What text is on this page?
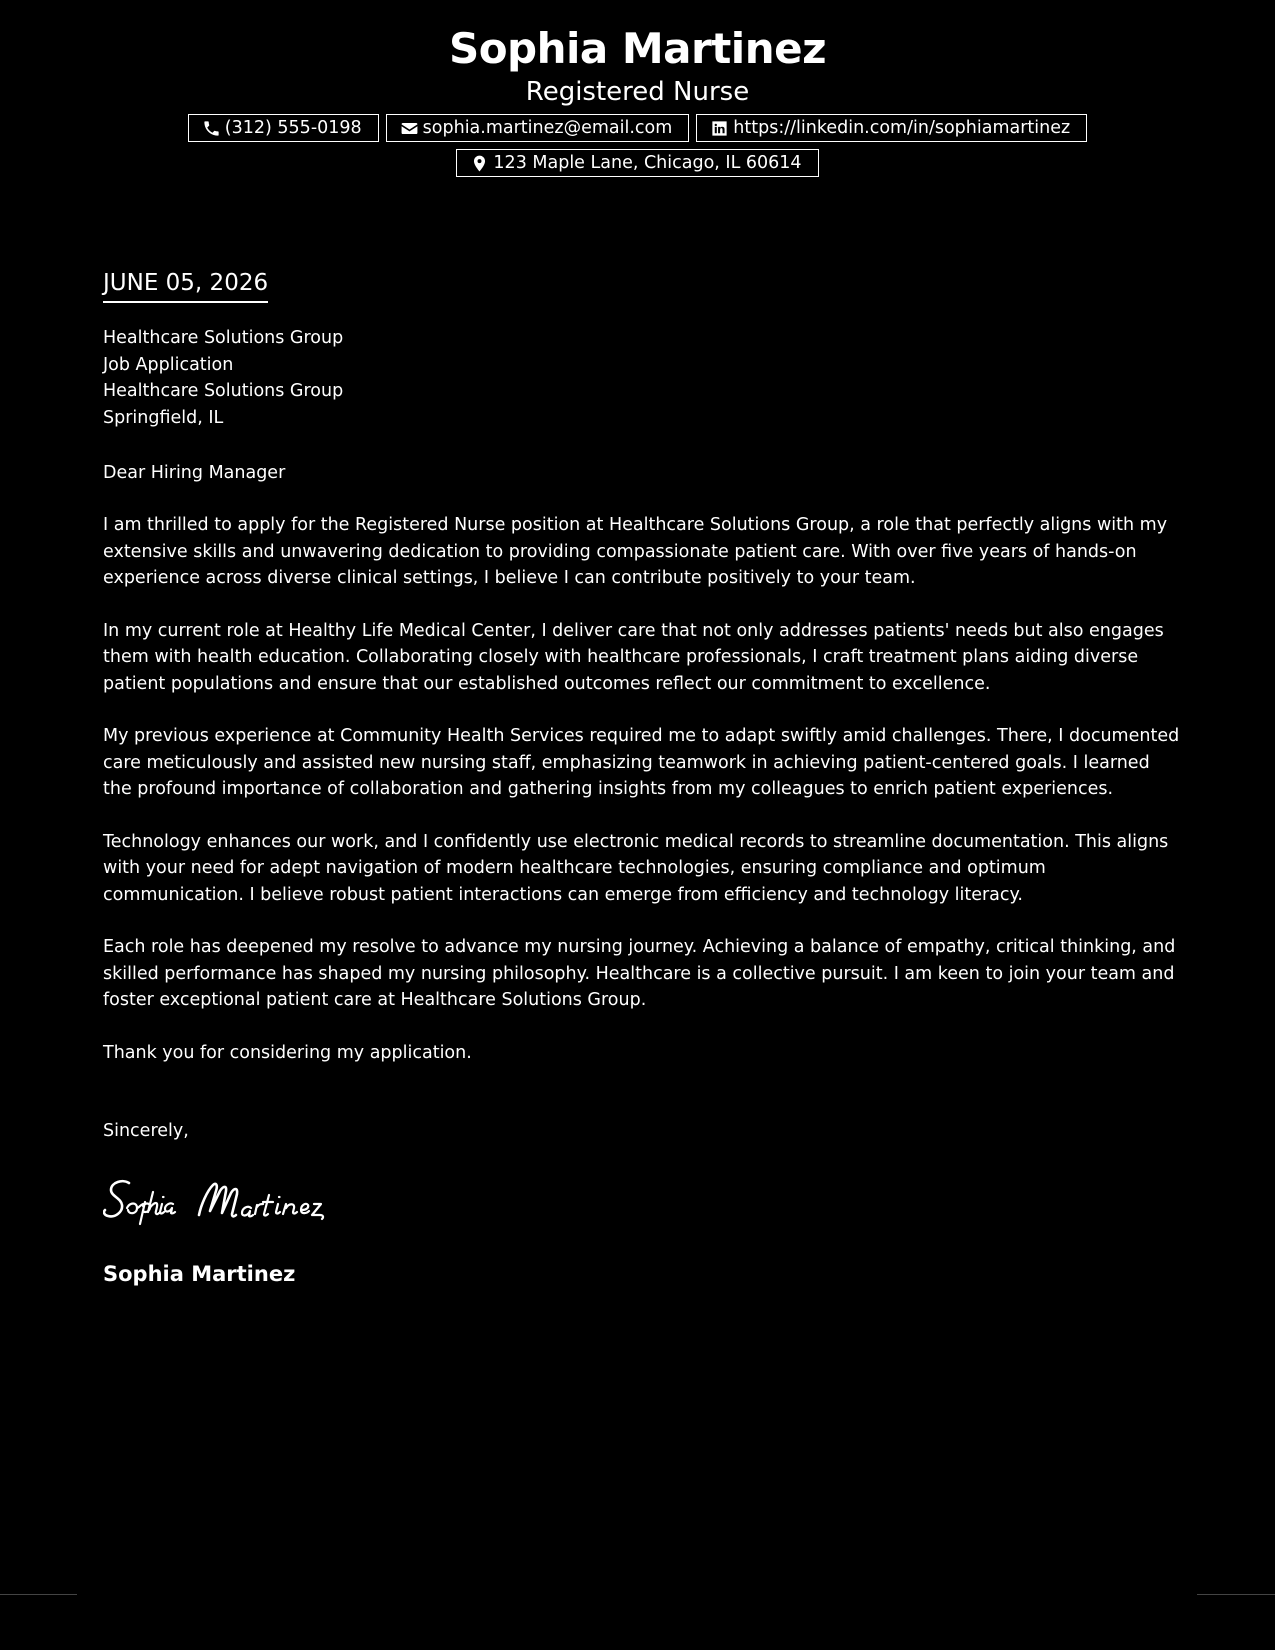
Sophia Martinez
Registered Nurse
(312) 555-0198	sophia.martinez@email.com	https://linkedin.com/in/sophiamartinez
123 Maple Lane, Chicago, IL 60614
JUNE 05, 2026
Healthcare Solutions Group
Job Application
Healthcare Solutions Group
Springfield, IL
Dear Hiring Manager

I am thrilled to apply for the Registered Nurse position at Healthcare Solutions Group, a role that perfectly aligns with my extensive skills and unwavering dedication to providing compassionate patient care. With over five years of hands-on experience across diverse clinical settings, I believe I can contribute positively to your team.

In my current role at Healthy Life Medical Center, I deliver care that not only addresses patients' needs but also engages them with health education. Collaborating closely with healthcare professionals, I craft treatment plans aiding diverse patient populations and ensure that our established outcomes reflect our commitment to excellence.

My previous experience at Community Health Services required me to adapt swiftly amid challenges. There, I documented care meticulously and assisted new nursing staff, emphasizing teamwork in achieving patient-centered goals. I learned the profound importance of collaboration and gathering insights from my colleagues to enrich patient experiences.

Technology enhances our work, and I confidently use electronic medical records to streamline documentation. This aligns with your need for adept navigation of modern healthcare technologies, ensuring compliance and optimum communication. I believe robust patient interactions can emerge from efficiency and technology literacy.

Each role has deepened my resolve to advance my nursing journey. Achieving a balance of empathy, critical thinking, and skilled performance has shaped my nursing philosophy. Healthcare is a collective pursuit. I am keen to join your team and foster exceptional patient care at Healthcare Solutions Group.

Thank you for considering my application.

Sincerely,
Sophia Martinez
